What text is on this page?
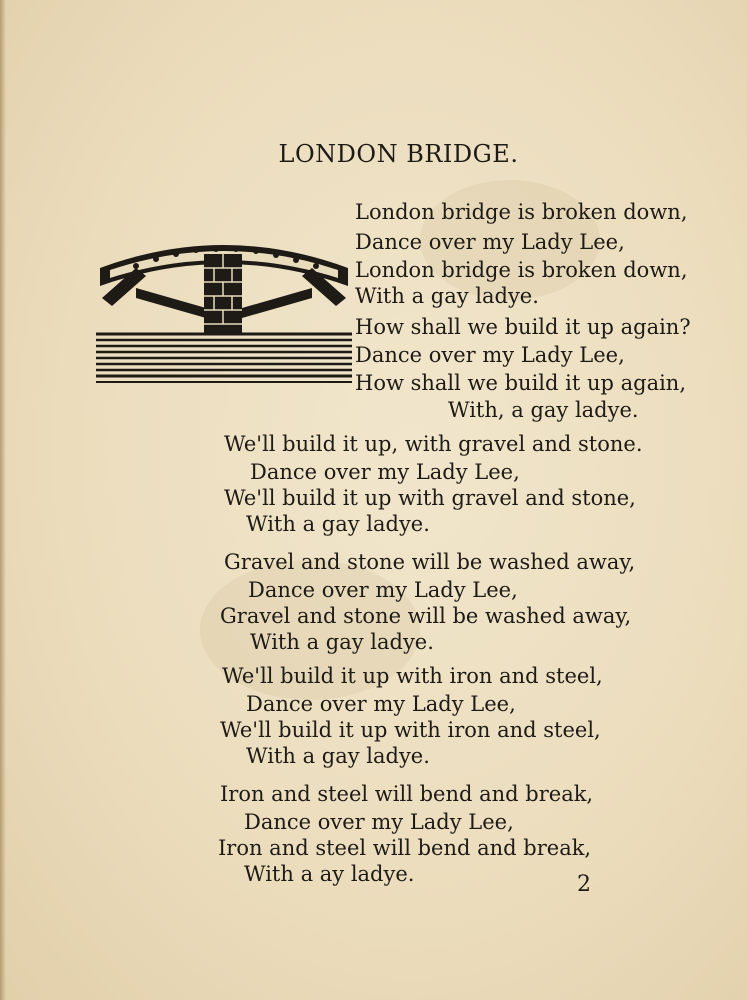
LONDON BRIDGE.
London bridge is broken down,
Dance over my Lady Lee,
London bridge is broken down,
With a gay ladye.
How shall we build it up again?
Dance over my Lady Lee,
How shall we build it up again,
With, a gay ladye.
We'll build it up, with gravel and stone.
Dance over my Lady Lee,
We'll build it up with gravel and stone,
With a gay ladye.
Gravel and stone will be washed away,
Dance over my Lady Lee,
Gravel and stone will be washed away,
With a gay ladye.
We'll build it up with iron and steel,
Dance over my Lady Lee,
We'll build it up with iron and steel,
With a gay ladye.
Iron and steel will bend and break,
Dance over my Lady Lee,
Iron and steel will bend and break,
With a ay ladye.	2
